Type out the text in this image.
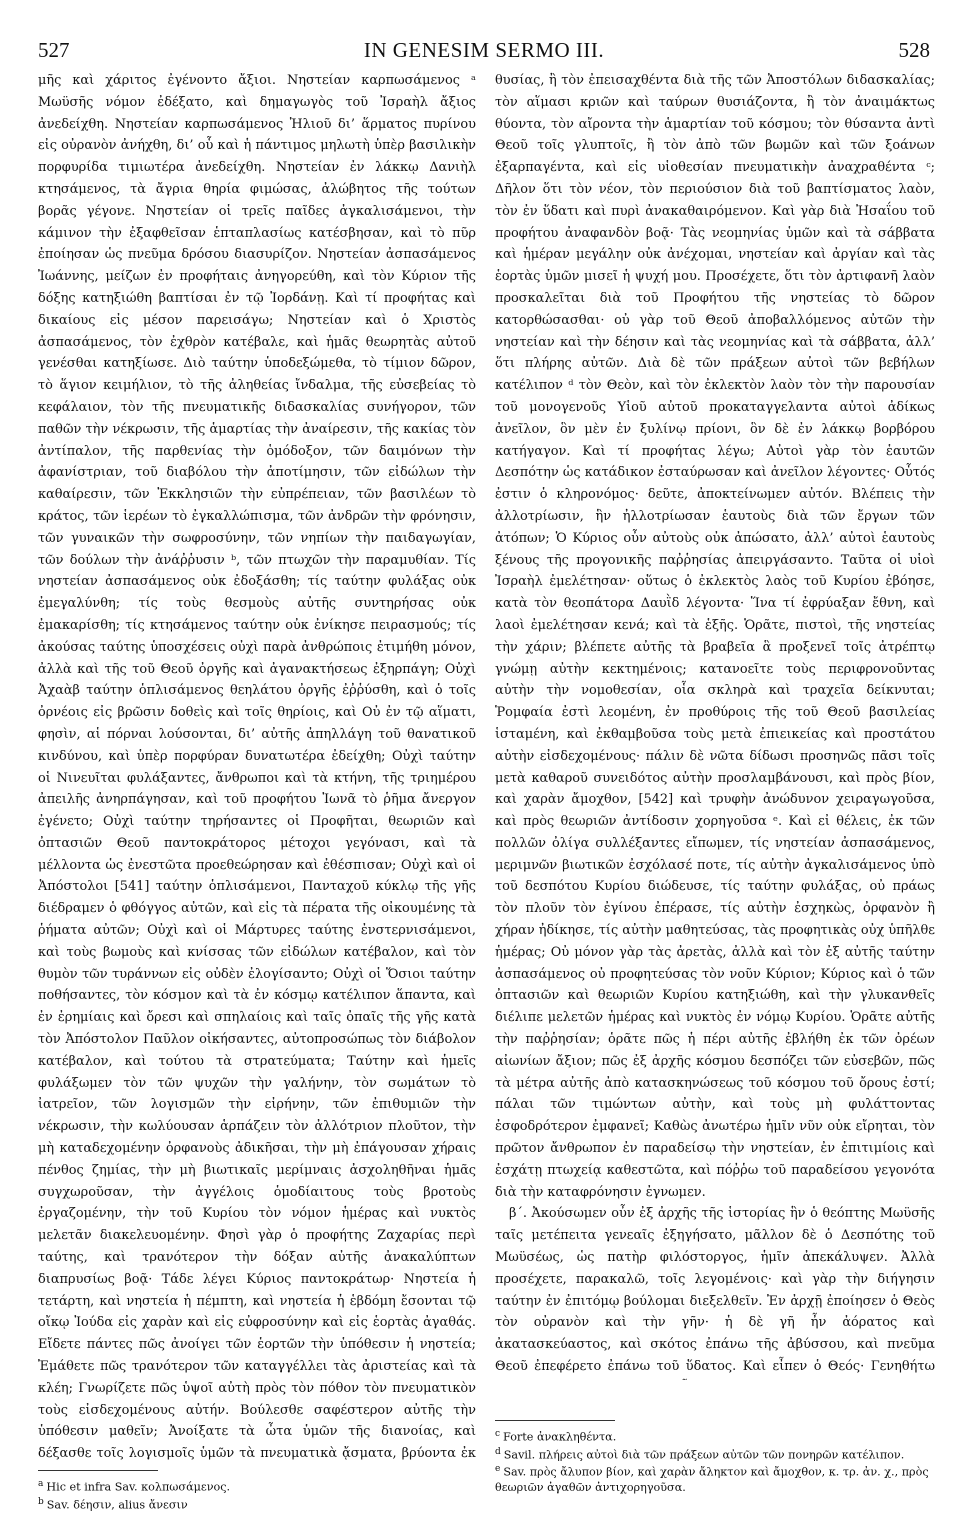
527	IN GENESIM SERMO III.	528

μῆς καὶ χάριτος ἐγένοντο ἄξιοι. Νηστείαν καρπωσάμενος ᵃ Μωϋσῆς νόμον ἐδέξατο, καὶ δημαγωγὸς τοῦ Ἰσραὴλ ἄξιος ἀνεδείχθη. Νηστείαν καρπωσάμενος Ἠλιοῦ δι’ ἅρματος πυρίνου εἰς οὐρανὸν ἀνήχθη, δι’ οὗ καὶ ἡ πάντιμος μηλωτὴ ὑπὲρ βασιλικὴν πορφυρίδα τιμιωτέρα ἀνεδείχθη. Νηστείαν ἐν λάκκῳ Δανιὴλ κτησάμενος, τὰ ἄγρια θηρία φιμώσας, ἀλώβητος τῆς τούτων βορᾶς γέγονε. Νηστείαν οἱ τρεῖς παῖδες ἀγκαλισάμενοι, τὴν κάμινον τὴν ἐξαφθεῖσαν ἑπταπλασίως κατέσβησαν, καὶ τὸ πῦρ ἐποίησαν ὡς πνεῦμα δρόσου διασυρίζον. Νηστείαν ἀσπασάμενος Ἰωάννης, μείζων ἐν προφήταις ἀνηγορεύθη, καὶ τὸν Κύριον τῆς δόξης κατηξιώθη βαπτίσαι ἐν τῷ Ἰορδάνῃ. Καὶ τί προφήτας καὶ δικαίους εἰς μέσον παρεισάγω; Νηστείαν καὶ ὁ Χριστὸς ἀσπασάμενος, τὸν ἐχθρὸν κατέβαλε, καὶ ἡμᾶς θεωρητὰς αὐτοῦ γενέσθαι κατηξίωσε. Διὸ ταύτην ὑποδεξώμεθα, τὸ τίμιον δῶρον, τὸ ἅγιον κειμήλιον, τὸ τῆς ἀληθείας ἴνδαλμα, τῆς εὐσεβείας τὸ κεφάλαιον, τὸν τῆς πνευματικῆς διδασκαλίας συνήγορον, τῶν παθῶν τὴν νέκρωσιν, τῆς ἁμαρτίας τὴν ἀναίρεσιν, τῆς κακίας τὸν ἀντίπαλον, τῆς παρθενίας τὴν ὁμόδοξον, τῶν δαιμόνων τὴν ἀφανίστριαν, τοῦ διαβόλου τὴν ἀποτίμησιν, τῶν εἰδώλων τὴν καθαίρεσιν, τῶν Ἐκκλησιῶν τὴν εὐπρέπειαν, τῶν βασιλέων τὸ κράτος, τῶν ἱερέων τὸ ἐγκαλλώπισμα, τῶν ἀνδρῶν τὴν φρόνησιν, τῶν γυναικῶν τὴν σωφροσύνην, τῶν νηπίων τὴν παιδαγωγίαν, τῶν δούλων τὴν ἀνάῤῥυσιν ᵇ, τῶν πτωχῶν τὴν παραμυθίαν. Τίς νηστείαν ἀσπασάμενος οὐκ ἐδοξάσθη; τίς ταύτην φυλάξας οὐκ ἐμεγαλύνθη; τίς τοὺς θεσμοὺς αὐτῆς συντηρήσας οὐκ ἐμακαρίσθη; τίς κτησάμενος ταύτην οὐκ ἐνίκησε πειρασμούς; τίς ἀκούσας ταύτης ὑποσχέσεις οὐχὶ παρὰ ἀνθρώποις ἐτιμήθη μόνον, ἀλλὰ καὶ τῆς τοῦ Θεοῦ ὀργῆς καὶ ἀγανακτήσεως ἐξηρπάγη; Οὐχὶ Ἀχαὰβ ταύτην ὁπλισάμενος θεηλάτου ὀργῆς ἐῤῥύσθη, καὶ ὁ τοῖς ὀρνέοις εἰς βρῶσιν δοθεὶς καὶ τοῖς θηρίοις, καὶ Οὐ ἐν τῷ αἵματι, φησὶν, αἱ πόρναι λούσονται, δι’ αὐτῆς ἀπηλλάγη τοῦ θανατικοῦ κινδύνου, καὶ ὑπὲρ πορφύραν δυνατωτέρα ἐδείχθη; Οὐχὶ ταύτην οἱ Νινευῖται φυλάξαντες, ἄνθρωποι καὶ τὰ κτήνη, τῆς τριημέρου ἀπειλῆς ἀνηρπάγησαν, καὶ τοῦ προφήτου Ἰωνᾶ τὸ ῥῆμα ἄνεργον ἐγένετο; Οὐχὶ ταύτην τηρήσαντες οἱ Προφῆται, θεωριῶν καὶ ὀπτασιῶν Θεοῦ παντοκράτορος μέτοχοι γεγόνασι, καὶ τὰ μέλλοντα ὡς ἐνεστῶτα προεθεώρησαν καὶ ἐθέσπισαν; Οὐχὶ καὶ οἱ Ἀπόστολοι [541] ταύτην ὁπλισάμενοι, Πανταχοῦ κύκλῳ τῆς γῆς διέδραμεν ὁ φθόγγος αὐτῶν, καὶ εἰς τὰ πέρατα τῆς οἰκουμένης τὰ ῥήματα αὐτῶν; Οὐχὶ καὶ οἱ Μάρτυρες ταύτης ἐνστερνισάμενοι, καὶ τοὺς βωμοὺς καὶ κνίσσας τῶν εἰδώλων κατέβαλον, καὶ τὸν θυμὸν τῶν τυράννων εἰς οὐδὲν ἐλογίσαντο; Οὐχὶ οἱ Ὅσιοι ταύτην ποθήσαντες, τὸν κόσμον καὶ τὰ ἐν κόσμῳ κατέλιπον ἅπαντα, καὶ ἐν ἐρημίαις καὶ ὄρεσι καὶ σπηλαίοις καὶ ταῖς ὀπαῖς τῆς γῆς κατὰ τὸν Ἀπόστολον Παῦλον οἰκήσαντες, αὐτοπροσώπως τὸν διάβολον κατέβαλον, καὶ τούτου τὰ στρατεύματα; Ταύτην καὶ ἡμεῖς φυλάξωμεν τὸν τῶν ψυχῶν τὴν γαλήνην, τὸν σωμάτων τὸ ἰατρεῖον, τῶν λογισμῶν τὴν εἰρήνην, τῶν ἐπιθυμιῶν τὴν νέκρωσιν, τὴν κωλύουσαν ἁρπάζειν τὸν ἀλλότριον πλοῦτον, τὴν μὴ καταδεχομένην ὀρφανοὺς ἀδικῆσαι, τὴν μὴ ἐπάγουσαν χήραις πένθος ζημίας, τὴν μὴ βιωτικαῖς μερίμναις ἀσχοληθῆναι ἡμᾶς συγχωροῦσαν, τὴν ἀγγέλοις ὁμοδίαιτους τοὺς βροτοὺς ἐργαζομένην, τὴν τοῦ Κυρίου τὸν νόμον ἡμέρας καὶ νυκτὸς μελετᾶν διακελευομένην. Φησὶ γὰρ ὁ προφήτης Ζαχαρίας περὶ ταύτης, καὶ τρανότερον τὴν δόξαν αὐτῆς ἀνακαλύπτων διαπρυσίως βοᾷ· Τάδε λέγει Κύριος παντοκράτωρ· Νηστεία ἡ τετάρτη, καὶ νηστεία ἡ πέμπτη, καὶ νηστεία ἡ ἑβδόμη ἔσονται τῷ οἴκῳ Ἰούδα εἰς χαρὰν καὶ εἰς εὐφροσύνην καὶ εἰς ἑορτὰς ἀγαθάς. Εἴδετε πάντες πῶς ἀνοίγει τῶν ἑορτῶν τὴν ὑπόθεσιν ἡ νηστεία; Ἐμάθετε πῶς τρανότερον τῶν καταγγέλλει τὰς ἀριστείας καὶ τὰ κλέη; Γνωρίζετε πῶς ὑψοῖ αὐτὴ πρὸς τὸν πόθον τὸν πνευματικὸν τοὺς εἰσδεχομένους αὐτήν. Βούλεσθε σαφέστερον αὐτῆς τὴν ὑπόθεσιν μαθεῖν; Ἀνοίξατε τὰ ὦτα ὑμῶν τῆς διανοίας, καὶ δέξασθε τοῖς λογισμοῖς ὑμῶν τὰ πνευματικὰ ᾄσματα, βρύοντα ἐκ

θυσίας, ἢ τὸν ἐπεισαχθέντα διὰ τῆς τῶν Ἀποστόλων διδασκαλίας; τὸν αἵμασι κριῶν καὶ ταύρων θυσιάζοντα, ἢ τὸν ἀναιμάκτως θύοντα, τὸν αἴροντα τὴν ἁμαρτίαν τοῦ κόσμου; τὸν θύσαντα ἀντὶ Θεοῦ τοῖς γλυπτοῖς, ἢ τὸν ἀπὸ τῶν βωμῶν καὶ τῶν ξοάνων ἐξαρπαγέντα, καὶ εἰς υἱοθεσίαν πνευματικὴν ἀναχραθέντα ᶜ; Δῆλον ὅτι τὸν νέον, τὸν περιούσιον διὰ τοῦ βαπτίσματος λαὸν, τὸν ἐν ὕδατι καὶ πυρὶ ἀνακαθαιρόμενον. Καὶ γὰρ διὰ Ἠσαΐου τοῦ προφήτου ἀναφανδὸν βοᾷ· Τὰς νεομηνίας ὑμῶν καὶ τὰ σάββατα καὶ ἡμέραν μεγάλην οὐκ ἀνέχομαι, νηστείαν καὶ ἀργίαν καὶ τὰς ἑορτὰς ὑμῶν μισεῖ ἡ ψυχή μου. Προσέχετε, ὅτι τὸν ἀρτιφανῆ λαὸν προσκαλεῖται διὰ τοῦ Προφήτου τῆς νηστείας τὸ δῶρον κατορθώσασθαι· οὐ γὰρ τοῦ Θεοῦ ἀποβαλλόμενος αὐτῶν τὴν νηστείαν καὶ τὴν δέησιν καὶ τὰς νεομηνίας καὶ τὰ σάββατα, ἀλλ’ ὅτι πλήρης αὐτῶν. Διὰ δὲ τῶν πράξεων αὐτοὶ τῶν βεβήλων κατέλιπον ᵈ τὸν Θεὸν, καὶ τὸν ἐκλεκτὸν λαὸν τὸν τὴν παρουσίαν τοῦ μονογενοῦς Υἱοῦ αὐτοῦ προκαταγγελαντα αὐτοὶ ἀδίκως ἀνεῖλον, ὃν μὲν ἐν ξυλίνῳ πρίονι, ὃν δὲ ἐν λάκκῳ βορβόρου κατήγαγον. Καὶ τί προφήτας λέγω; Αὐτοὶ γὰρ τὸν ἑαυτῶν Δεσπότην ὡς κατάδικον ἐσταύρωσαν καὶ ἀνεῖλον λέγοντες· Οὗτός ἐστιν ὁ κληρονόμος· δεῦτε, ἀποκτείνωμεν αὐτόν. Βλέπεις τὴν ἀλλοτρίωσιν, ἣν ἠλλοτρίωσαν ἑαυτοὺς διὰ τῶν ἔργων τῶν ἀτόπων; Ὁ Κύριος οὖν αὐτοὺς οὐκ ἀπώσατο, ἀλλ’ αὐτοὶ ἑαυτοὺς ξένους τῆς προγονικῆς παῤῥησίας ἀπειργάσαντο. Ταῦτα οἱ υἱοὶ Ἰσραὴλ ἐμελέτησαν· οὕτως ὁ ἐκλεκτὸς λαὸς τοῦ Κυρίου ἐβόησε, κατὰ τὸν θεοπάτορα Δαυῒδ λέγοντα· Ἵνα τί ἐφρύαξαν ἔθνη, καὶ λαοὶ ἐμελέτησαν κενά; καὶ τὰ ἑξῆς. Ὁρᾶτε, πιστοὶ, τῆς νηστείας τὴν χάριν; βλέπετε αὐτῆς τὰ βραβεῖα ἃ προξενεῖ τοῖς ἀτρέπτῳ γνώμῃ αὐτὴν κεκτημένοις; κατανοεῖτε τοὺς περιφρονοῦντας αὐτὴν τὴν νομοθεσίαν, οἷα σκληρὰ καὶ τραχεῖα δείκνυται; Ῥομφαία ἐστὶ λεομένη, ἐν προθύροις τῆς τοῦ Θεοῦ βασιλείας ἱσταμένη, καὶ ἐκθαμβοῦσα τοὺς μετὰ ἐπιεικείας καὶ προστάτου αὐτὴν εἰσδεχομένους· πάλιν δὲ νῶτα δίδωσι προσηνῶς πᾶσι τοῖς μετὰ καθαροῦ συνειδότος αὐτὴν προσλαμβάνουσι, καὶ πρὸς βίον, καὶ χαρὰν ἄμοχθον, [542] καὶ τρυφὴν ἀνώδυνον χειραγωγοῦσα, καὶ πρὸς θεωριῶν ἀντίδοσιν χορηγοῦσα ᵉ. Καὶ εἰ θέλεις, ἐκ τῶν πολλῶν ὀλίγα συλλέξαντες εἴπωμεν, τίς νηστείαν ἀσπασάμενος, μεριμνῶν βιωτικῶν ἐσχόλασέ ποτε, τίς αὐτὴν ἀγκαλισάμενος ὑπὸ τοῦ δεσπότου Κυρίου διώδευσε, τίς ταύτην φυλάξας, οὐ πράως τὸν πλοῦν τὸν ἐγίνου ἐπέρασε, τίς αὐτὴν ἐσχηκὼς, ὀρφανὸν ἢ χήραν ἠδίκησε, τίς αὐτὴν μαθητεύσας, τὰς προφητικὰς οὐχ ὑπῆλθε ἡμέρας; Οὐ μόνον γὰρ τὰς ἀρετὰς, ἀλλὰ καὶ τὸν ἐξ αὐτῆς ταύτην ἀσπασάμενος οὐ προφητεύσας τὸν νοῦν Κύριον; Κύριος καὶ ὁ τῶν ὀπτασιῶν καὶ θεωριῶν Κυρίου κατηξιώθη, καὶ τὴν γλυκανθεῖς διέλιπε μελετῶν ἡμέρας καὶ νυκτὸς ἐν νόμῳ Κυρίου. Ὁρᾶτε αὐτῆς τὴν παῤῥησίαν; ὁρᾶτε πῶς ἡ πέρι αὐτῆς ἐβλήθη ἐκ τῶν ὀρέων αἰωνίων ἄξιον; πῶς ἐξ ἀρχῆς κόσμου δεσπόζει τῶν εὐσεβῶν, πῶς τὰ μέτρα αὐτῆς ἀπὸ κατασκηνώσεως τοῦ κόσμου τοῦ ὄρους ἐστί; πάλαι τῶν τιμώντων αὐτὴν, καὶ τοὺς μὴ φυλάττοντας ἐσφοδρότερον ἐμφανεῖ; Καθὼς ἀνωτέρω ἡμῖν νῦν οὐκ εἴρηται, τὸν πρῶτον ἄνθρωπον ἐν παραδείσῳ τὴν νηστείαν, ἐν ἐπιτιμίοις καὶ ἐσχάτῃ πτωχείᾳ καθεστῶτα, καὶ πόῤῥω τοῦ παραδείσου γεγονότα διὰ τὴν καταφρόνησιν ἐγνωμεν.

β΄. Ἀκούσωμεν οὖν ἐξ ἀρχῆς τῆς ἱστορίας ἣν ὁ θεόπτης Μωϋσῆς ταῖς μετέπειτα γενεαῖς ἐξηγήσατο, μᾶλλον δὲ ὁ Δεσπότης τοῦ Μωϋσέως, ὡς πατὴρ φιλόστοργος, ἡμῖν ἀπεκάλυψεν. Ἀλλὰ προσέχετε, παρακαλῶ, τοῖς λεγομένοις· καὶ γὰρ τὴν διήγησιν ταύτην ἐν ἐπιτόμῳ βούλομαι διεξελθεῖν. Ἐν ἀρχῇ ἐποίησεν ὁ Θεὸς τὸν οὐρανὸν καὶ τὴν γῆν· ἡ δὲ γῆ ἦν ἀόρατος καὶ ἀκατασκεύαστος, καὶ σκότος ἐπάνω τῆς ἀβύσσου, καὶ πνεῦμα Θεοῦ ἐπεφέρετο ἐπάνω τοῦ ὕδατος. Καὶ εἶπεν ὁ Θεός· Γενηθήτω

$^a$ Hic et infra Sav. κολπωσάμενος.
$^b$ Sav. δέησιν, alius ἄνεσιν
$^c$ Forte ἀνακληθέντα.
$^d$ Savil. πλήρεις αὐτοὶ διὰ τῶν πράξεων αὐτῶν τῶν πονηρῶν κατέλιπον.
$^e$ Sav. πρὸς ἄλυπον βίον, καὶ χαρὰν ἄληκτον καὶ ἄμοχθον, κ. τρ. ἀν. χ., πρὸς θεωριῶν ἀγαθῶν ἀντιχορηγοῦσα.
